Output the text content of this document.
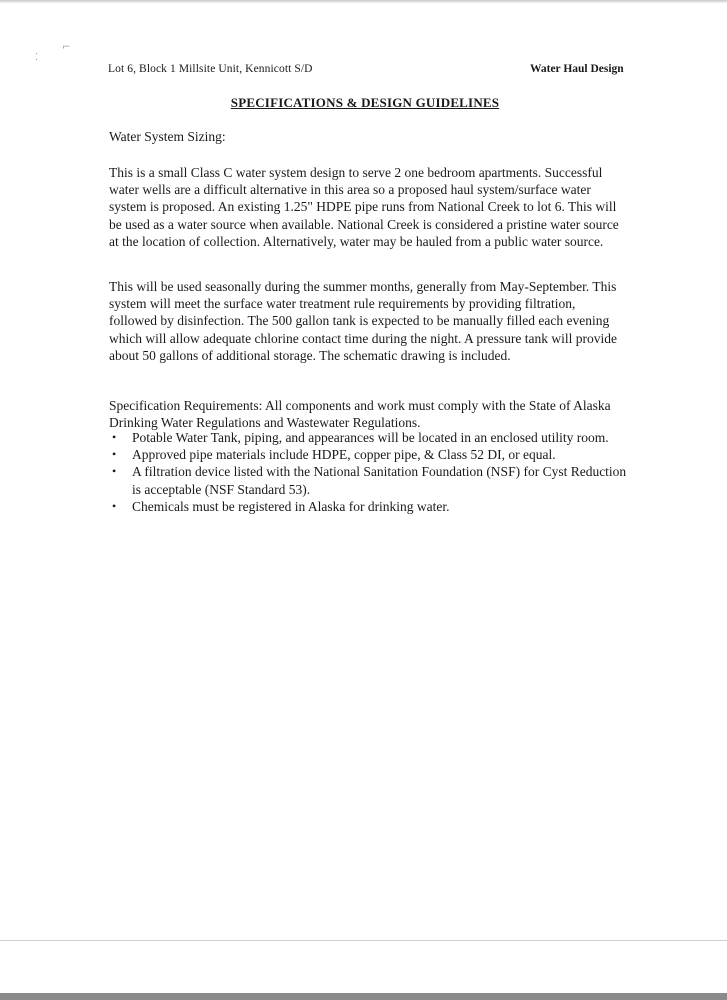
⁚
⌐
Lot 6, Block 1 Millsite Unit, Kennicott S/D	Water Haul Design
SPECIFICATIONS & DESIGN GUIDELINES
Water System Sizing:

This is a small Class C water system design to serve 2 one bedroom apartments. Successful water wells are a difficult alternative in this area so a proposed haul system/surface water system is proposed. An existing 1.25" HDPE pipe runs from National Creek to lot 6. This will be used as a water source when available. National Creek is considered a pristine water source at the location of collection. Alternatively, water may be hauled from a public water source.

This will be used seasonally during the summer months, generally from May-September. This system will meet the surface water treatment rule requirements by providing filtration, followed by disinfection. The 500 gallon tank is expected to be manually filled each evening which will allow adequate chlorine contact time during the night. A pressure tank will provide about 50 gallons of additional storage. The schematic drawing is included.

Specification Requirements: All components and work must comply with the State of Alaska Drinking Water Regulations and Wastewater Regulations.

• Potable Water Tank, piping, and appearances will be located in an enclosed utility room.
• Approved pipe materials include HDPE, copper pipe, & Class 52 DI, or equal.
• A filtration device listed with the National Sanitation Foundation (NSF) for Cyst Reduction is acceptable (NSF Standard 53).
• Chemicals must be registered in Alaska for drinking water.
